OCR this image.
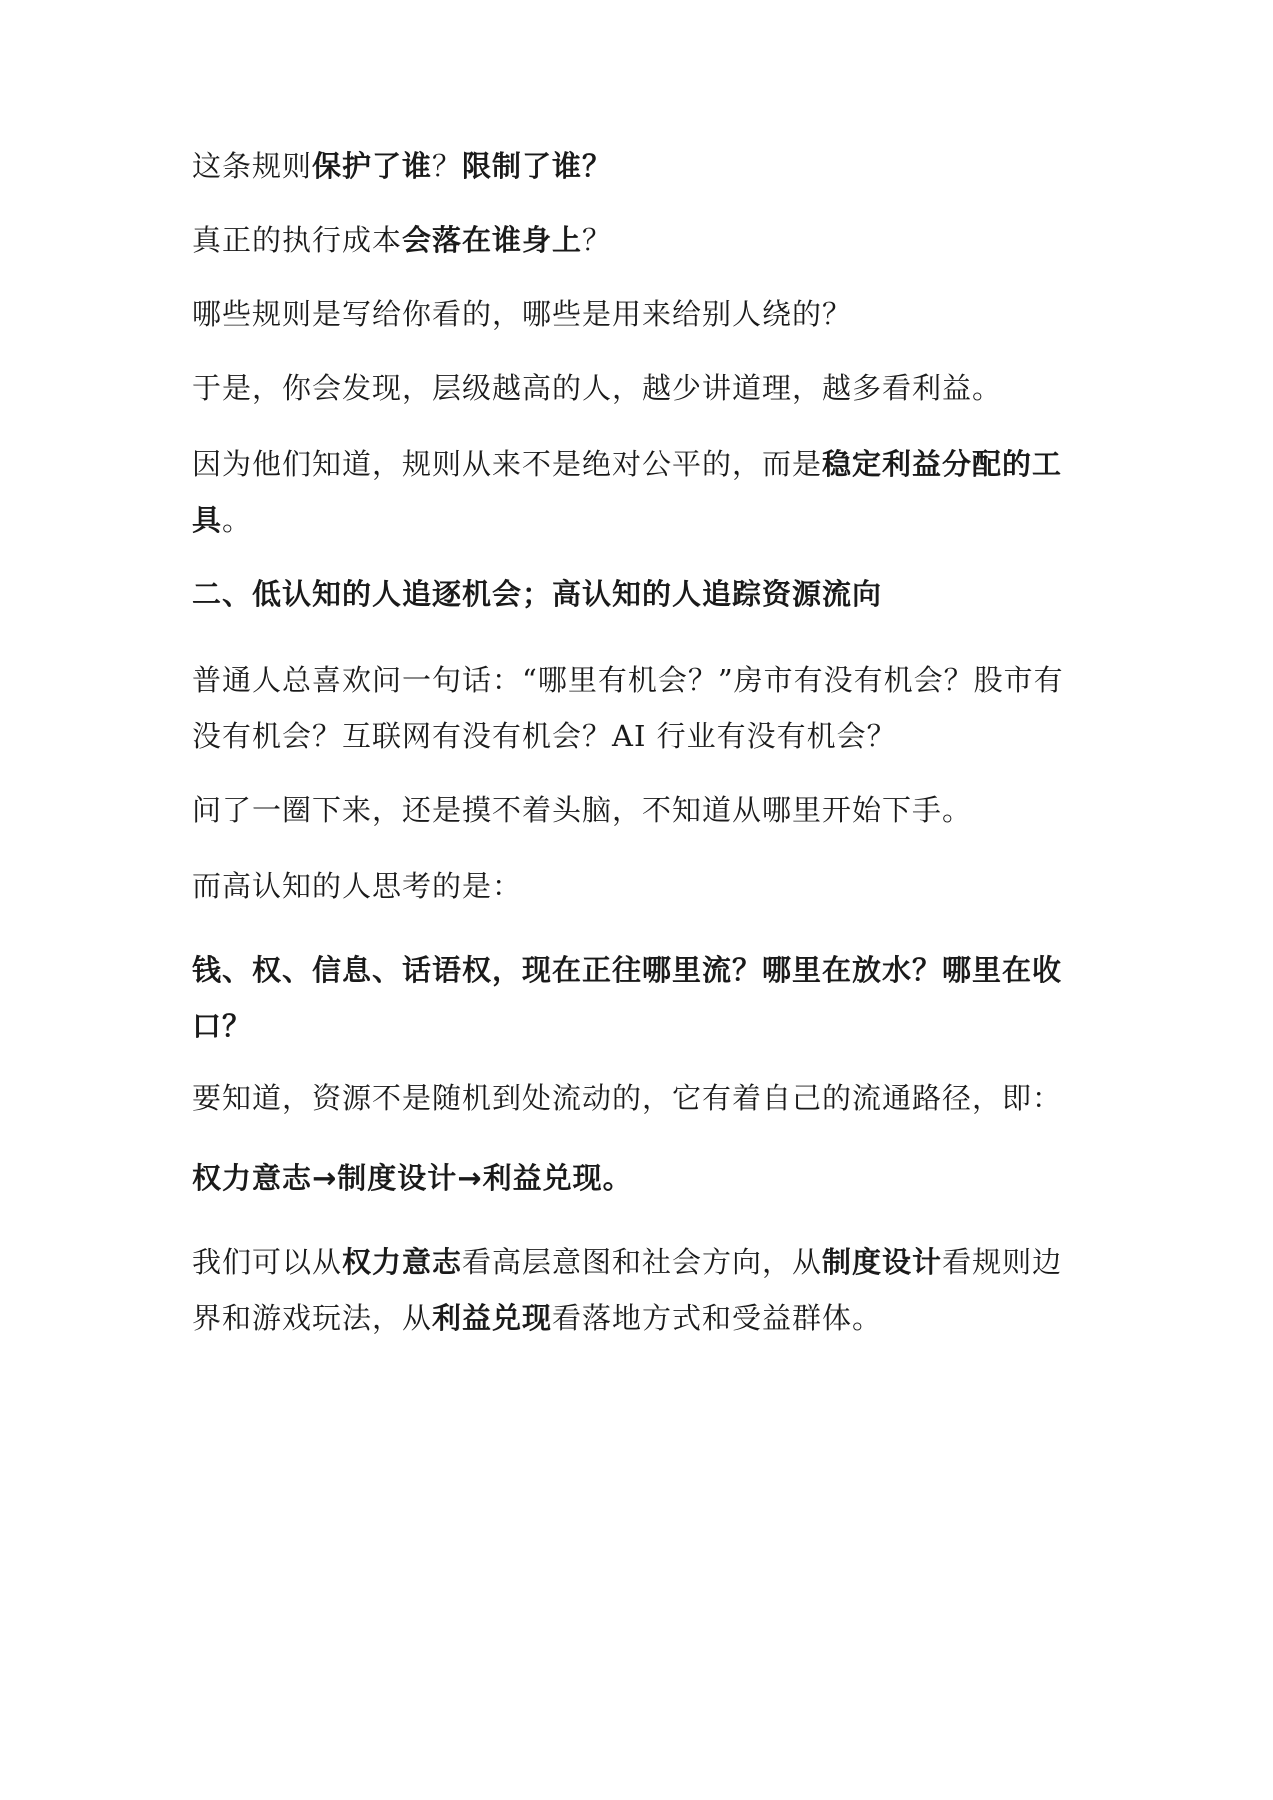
这条规则保护了谁？限制了谁？
真正的执行成本会落在谁身上？
哪些规则是写给你看的，哪些是用来给别人绕的？
于是，你会发现，层级越高的人，越少讲道理，越多看利益。
因为他们知道，规则从来不是绝对公平的，而是稳定利益分配的工具。
二、低认知的人追逐机会；高认知的人追踪资源流向
普通人总喜欢问一句话：“哪里有机会？”房市有没有机会？股市有没有机会？互联网有没有机会？AI 行业有没有机会？
问了一圈下来，还是摸不着头脑，不知道从哪里开始下手。
而高认知的人思考的是：
钱、权、信息、话语权，现在正往哪里流？哪里在放水？哪里在收口？
要知道，资源不是随机到处流动的，它有着自己的流通路径，即：
权力意志→制度设计→利益兑现。
我们可以从权力意志看高层意图和社会方向，从制度设计看规则边界和游戏玩法，从利益兑现看落地方式和受益群体。
